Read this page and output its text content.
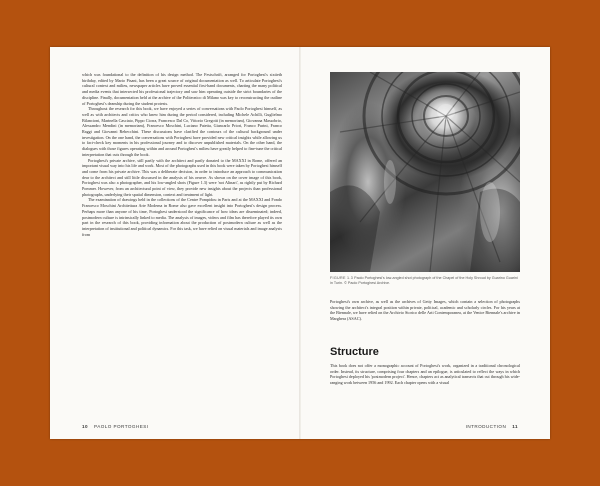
which was foundational to the definition of his design method. The Festschrift, arranged for Portoghesi's sixtieth birthday, edited by Mario Pisani, has been a great source of original documentation as well. To articulate Portoghesi's cultural context and milieu, newspaper articles have proved essential first-hand documents, charting the many political and media events that intersected his professional trajectory and saw him operating outside the strict boundaries of the discipline. Finally, documentation held at the archive of the Politecnico di Milano was key to reconstructing the outline of Portoghesi's deanship during the student protests.

Throughout the research for this book, we have enjoyed a series of conversations with Paolo Portoghesi himself, as well as with architects and critics who knew him during the period considered, including Michele Achilli, Guglielmo Bilancioni, Marinella Casciato, Pippo Ciorra, Francesco Dal Co, Vittorio Gregotti (in memoriam), Giovanna Massobrio, Alessandro Mendini (in memoriam), Francesco Moschini, Luciano Patetta, Giancarlo Priori, Franco Purini, Franco Raggi and Giovanni Rebecchini. These discussions have clarified the contours of the cultural background under investigation. On the one hand, the conversations with Portoghesi have provided new critical insights while allowing us to fact-check key moments in his professional journey and to discover unpublished materials. On the other hand, the dialogues with those figures operating within and around Portoghesi's milieu have greatly helped to fine-tune the critical interpretation that cuts through the book.

Portoghesi's private archive, still partly with the architect and partly donated to the MAXXI in Rome, offered an important visual way into his life and work. Most of the photographs used in this book were taken by Portoghesi himself and come from his private archive. This was a deliberate decision, in order to introduce an approach to communication dear to the architect and still little discussed in the analysis of his oeuvre. As shown on the cover image of this book, Portoghesi was also a photographer, and his low-angled shots (Figure 1.3) were 'not Alinari', as rightly put by Richard Pommer. However, from an architectural point of view, they provide new insights about the projects than professional photographs, underlying their spatial dimension, context and treatment of light.

The examination of drawings held in the collections of the Centre Pompidou in Paris and at the MAXXI and Fondo Francesco Moschini Architettura Arte Moderna in Rome also gave excellent insight into Portoghesi's design process. Perhaps more than anyone of his time, Portoghesi understood the significance of how ideas are disseminated; indeed, postmodern culture is intrinsically linked to media. The analysis of images, videos and film has therefore played its own part in the research of this book, providing information about the production of postmodern culture as well as the interpretation of institutional and political dynamics. For this task, we have relied on visual materials and image analysis from

10 PAOLO PORTOGHESI
FIGURE 1.3 Paolo Portoghesi's low-angled shot photograph of the Chapel of the Holy Shroud by Guarino Guarini in Turin. © Paolo Portoghesi Archive.

Portoghesi's own archive, as well as the archives of Getty Images, which contain a selection of photographs showing the architect's integral position within private, political, academic and scholarly circles. For his years at the Biennale, we have relied on the Archivio Storico delle Arti Contemporanea, at the Venice Biennale's archive in Marghera (ASAC).

Structure

This book does not offer a monographic account of Portoghesi's work, organized in a traditional chronological order. Instead, its structure, comprising four chapters and an epilogue, is articulated to reflect the ways in which Portoghesi deployed his 'postmodern project'. Hence, chapters act as analytical transects that cut through his wide-ranging work between 1956 and 1992. Each chapter opens with a visual

INTRODUCTION 11
